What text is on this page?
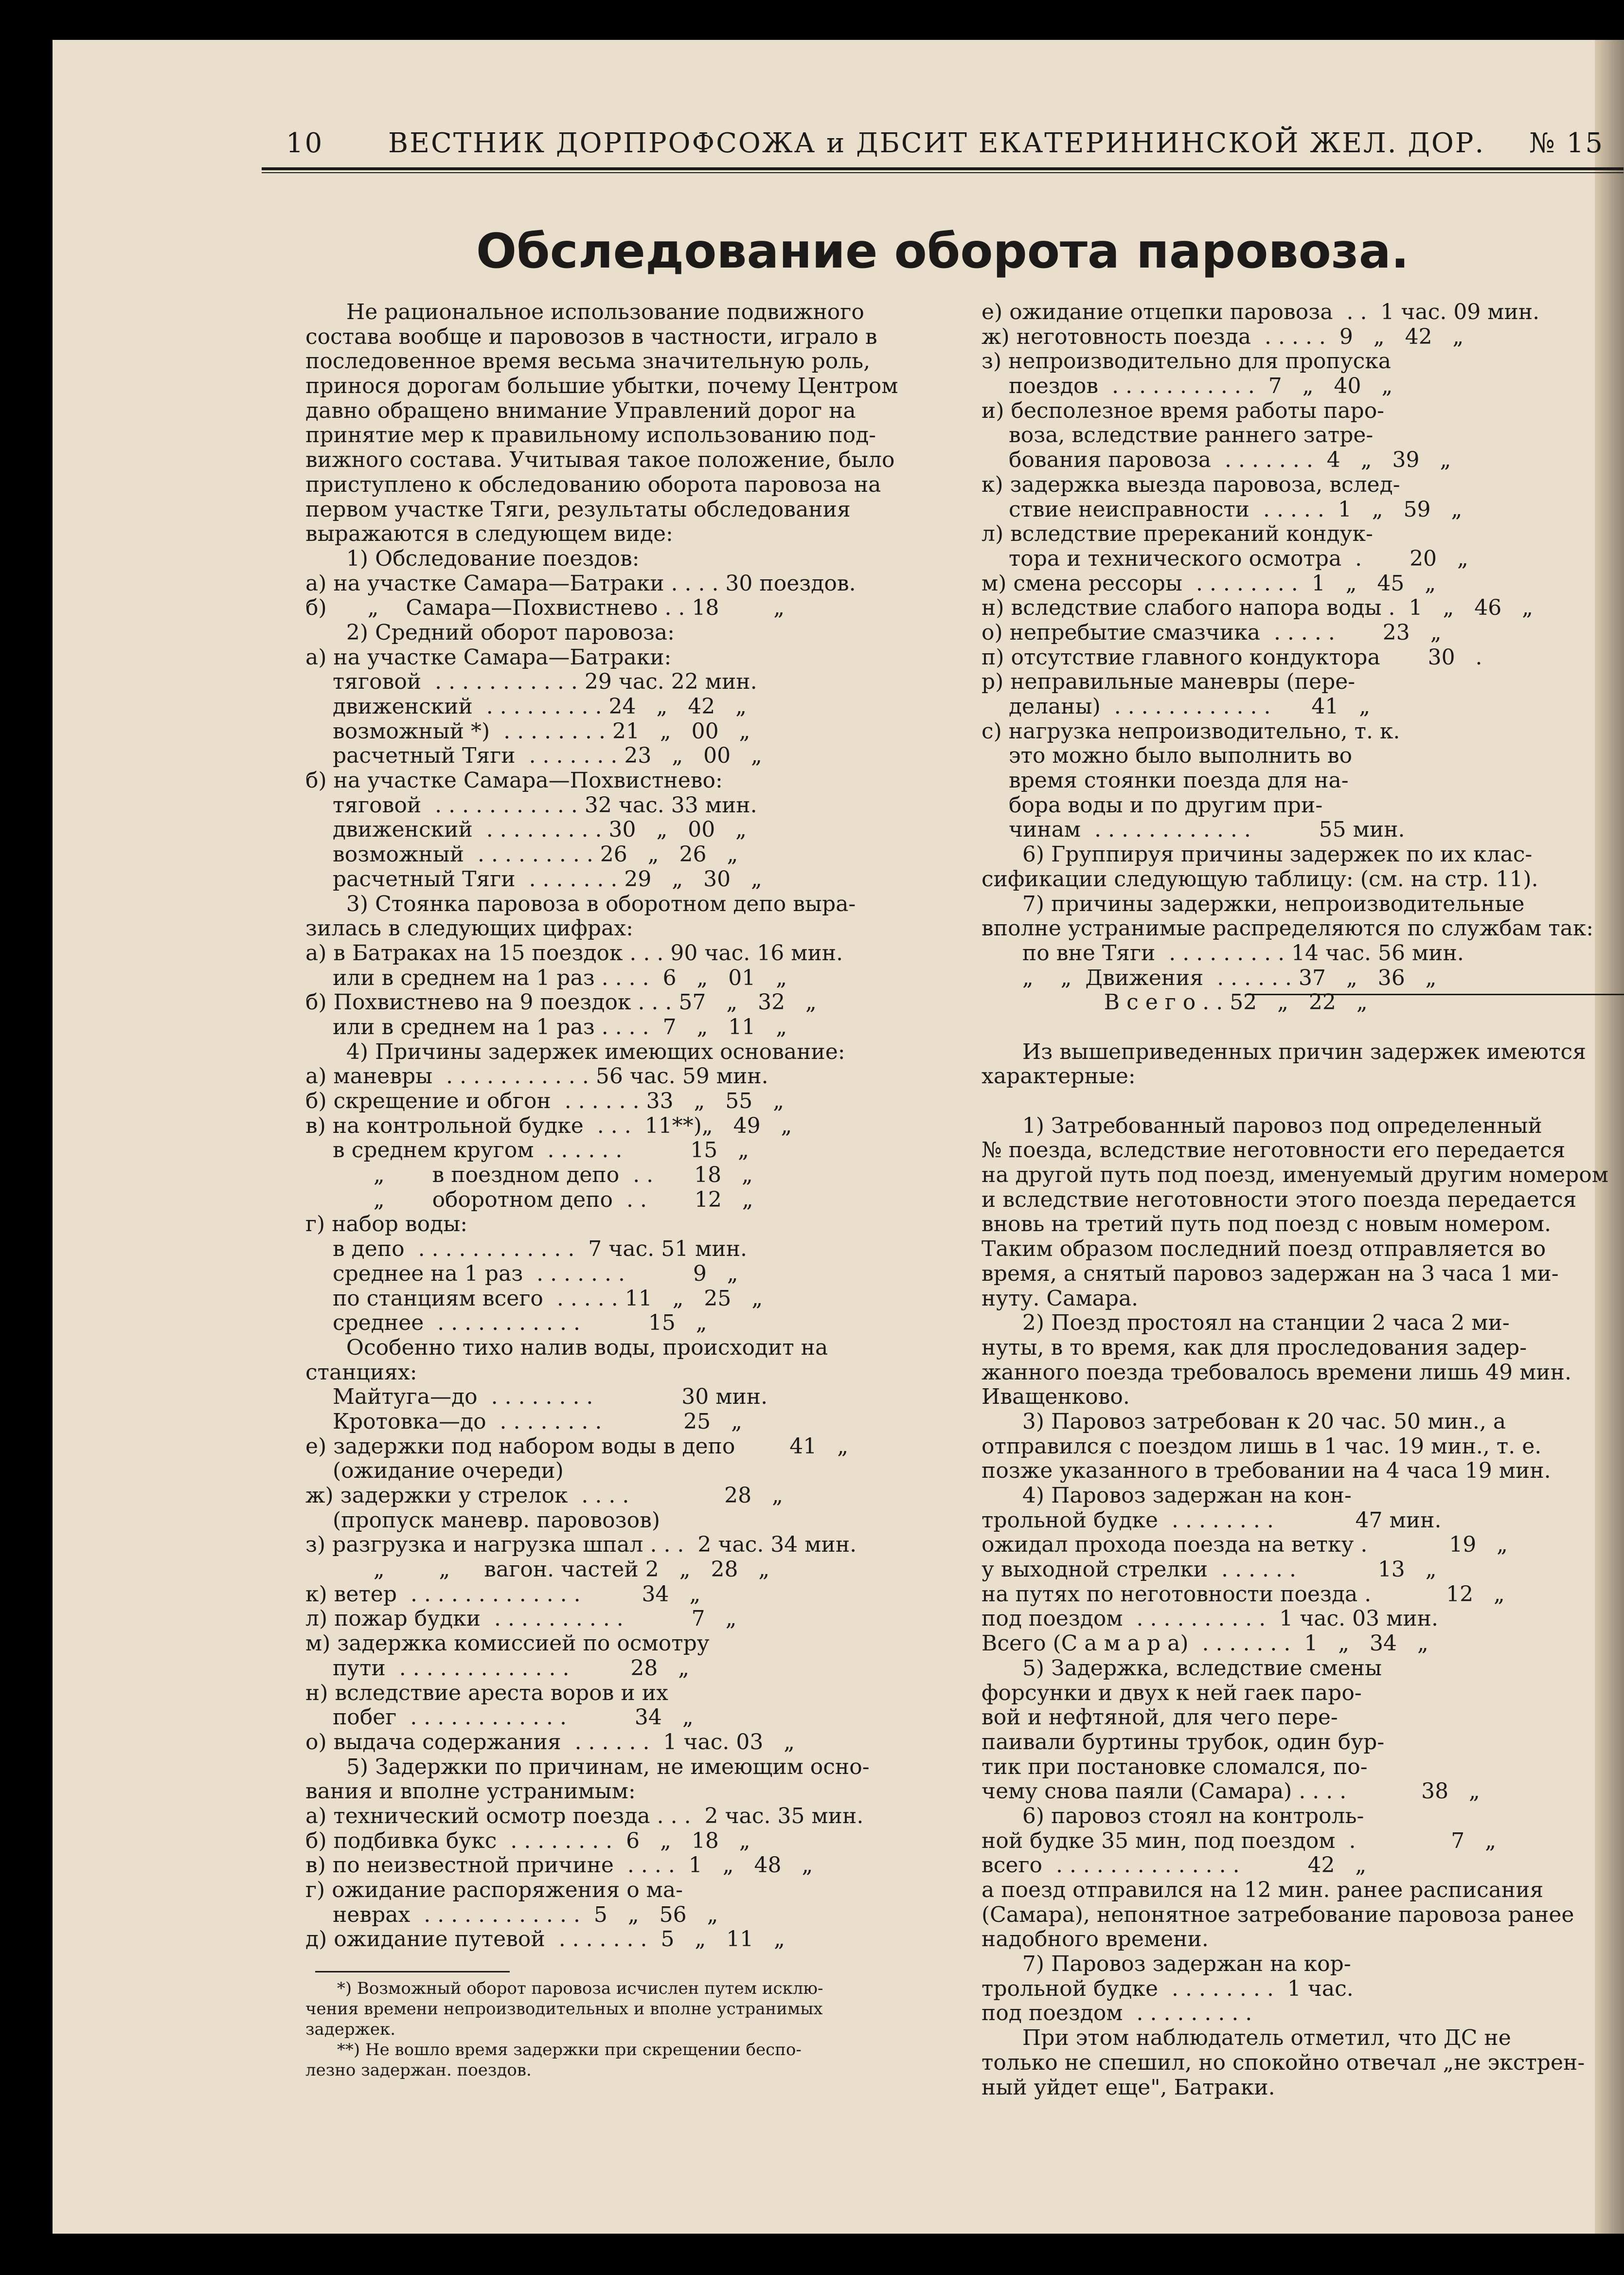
10 ВЕСТНИК ДОРПРОФСОЖА и ДБСИТ ЕКАТЕРИНИНСКОЙ ЖЕЛ. ДОР. № 15
Обследование оборота паровоза.
Не рациональное использование подвижного
состава вообще и паровозов в частности, играло в
последовенное время весьма значительную роль,
принося дорогам большие убытки, почему Центром
давно обращено внимание Управлений дорог на
принятие мер к правильному использованию под-
вижного состава. Учитывая такое положение, было
приступлено к обследованию оборота паровоза на
первом участке Тяги, результаты обследования
выражаются в следующем виде:
1) Обследование поездов:
а) на участке Самара—Батраки . . . . 30 поездов.
б)      „    Самара—Похвистнево . . 18        „
2) Средний оборот паровоза:
а) на участке Самара—Батраки:
тяговой  . . . . . . . . . . . 29 час. 22 мин.
движенский  . . . . . . . . . 24   „   42   „
возможный *)  . . . . . . . . 21   „   00   „
расчетный Тяги  . . . . . . . 23   „   00   „
б) на участке Самара—Похвистнево:
тяговой  . . . . . . . . . . . 32 час. 33 мин.
движенский  . . . . . . . . . 30   „   00   „
возможный  . . . . . . . . . 26   „   26   „
расчетный Тяги  . . . . . . . 29   „   30   „
3) Стоянка паровоза в оборотном депо выра-
зилась в следующих цифрах:
а) в Батраках на 15 поездок . . . 90 час. 16 мин.
или в среднем на 1 раз . . . .  6   „   01   „
б) Похвистнево на 9 поездок . . . 57   „   32   „
или в среднем на 1 раз . . . .  7   „   11   „
4) Причины задержек имеющих основание:
а) маневры  . . . . . . . . . . . 56 час. 59 мин.
б) скрещение и обгон  . . . . . . 33   „   55   „
в) на контрольной будке  . . .  11**)„   49   „
в среднем кругом  . . . . . .          15   „
„       в поездном депо  . .      18   „
„       оборотном депо  . .       12   „
г) набор воды:
в депо  . . . . . . . . . . . .  7 час. 51 мин.
среднее на 1 раз  . . . . . . .          9   „
по станциям всего  . . . . . 11   „   25   „
среднее  . . . . . . . . . . .          15   „
Особенно тихо налив воды, происходит на
станциях:
Майтуга—до  . . . . . . . .             30 мин.
Кротовка—до  . . . . . . . .            25   „
е) задержки под набором воды в депо        41   „
(ожидание очереди)
ж) задержки у стрелок  . . . .              28   „
(пропуск маневр. паровозов)
з) разгрузка и нагрузка шпал . . .  2 час. 34 мин.
„        „     вагон. частей 2   „   28   „
к) ветер  . . . . . . . . . . . . .         34   „
л) пожар будки  . . . . . . . . . .          7   „
м) задержка комиссией по осмотру
пути  . . . . . . . . . . . . .         28   „
н) вследствие ареста воров и их
побег  . . . . . . . . . . . .          34   „
о) выдача содержания  . . . . . .  1 час. 03   „
5) Задержки по причинам, не имеющим осно-
вания и вполне устранимым:
а) технический осмотр поезда . . .  2 час. 35 мин.
б) подбивка букс  . . . . . . . .  6   „   18   „
в) по неизвестной причине  . . . .  1   „   48   „
г) ожидание распоряжения о ма-
неврах  . . . . . . . . . . . .  5   „   56   „
д) ожидание путевой  . . . . . . .  5   „   11   „
е) ожидание отцепки паровоза  . .  1 час. 09 мин.
ж) неготовность поезда  . . . . .  9   „   42   „
з) непроизводительно для пропуска
поездов  . . . . . . . . . . .  7   „   40   „
и) бесполезное время работы паро-
воза, вследствие раннего затре-
бования паровоза  . . . . . . .  4   „   39   „
к) задержка выезда паровоза, вслед-
ствие неисправности  . . . . .  1   „   59   „
л) вследствие пререканий кондук-
тора и технического осмотра  .       20   „
м) смена рессоры  . . . . . . . .  1   „   45   „
н) вследствие слабого напора воды .  1   „   46   „
о) непребытие смазчика  . . . . .       23   „
п) отсутствие главного кондуктора       30   .
р) неправильные маневры (пере-
деланы)  . . . . . . . . . . . .      41   „
с) нагрузка непроизводительно, т. к.
это можно было выполнить во
время стоянки поезда для на-
бора воды и по другим при-
чинам  . . . . . . . . . . . .          55 мин.
6) Группируя причины задержек по их клас-
сификации следующую таблицу: (см. на стр. 11).
7) причины задержки, непроизводительные
вполне устранимые распределяются по службам так:
по вне Тяги  . . . . . . . . . 14 час. 56 мин.
„    „  Движения  . . . . . . 37   „   36   „
В с е г о . . 52   „   22   „
Из вышеприведенных причин задержек имеются
характерные:
1) Затребованный паровоз под определенный
№ поезда, вследствие неготовности его передается
на другой путь под поезд, именуемый другим номером
и вследствие неготовности этого поезда передается
вновь на третий путь под поезд с новым номером.
Таким образом последний поезд отправляется во
время, а снятый паровоз задержан на 3 часа 1 ми-
нуту. Самара.
2) Поезд простоял на станции 2 часа 2 ми-
нуты, в то время, как для проследования задер-
жанного поезда требовалось времени лишь 49 мин.
Иващенково.
3) Паровоз затребован к 20 час. 50 мин., а
отправился с поездом лишь в 1 час. 19 мин., т. е.
позже указанного в требовании на 4 часа 19 мин.
4) Паровоз задержан на кон-
трольной будке  . . . . . . . .            47 мин.
ожидал прохода поезда на ветку .            19   „
у выходной стрелки  . . . . . .            13   „
на путях по неготовности поезда .           12   „
под поездом  . . . . . . . . . .  1 час. 03 мин.
Всего (С а м а р а)  . . . . . . .  1   „   34   „
5) Задержка, вследствие смены
форсунки и двух к ней гаек паро-
вой и нефтяной, для чего пере-
паивали буртины трубок, один бур-
тик при постановке сломался, по-
чему снова паяли (Самара) . . . .           38   „
6) паровоз стоял на контроль-
ной будке 35 мин, под поездом  .              7   „
всего  . . . . . . . . . . . . . .          42   „
а поезд отправился на 12 мин. ранее расписания
(Самара), непонятное затребование паровоза ранее
надобного времени.
7) Паровоз задержан на кор-
трольной будке  . . . . . . . .  1 час.
под поездом  . . . . . . . . .
При этом наблюдатель отметил, что ДС не
только не спешил, но спокойно отвечал „не экстрен-
ный уйдет еще", Батраки.
*) Возможный оборот паровоза исчислен путем исклю-
чения времени непроизводительных и вполне устранимых
задержек.
**) Не вошло время задержки при скрещении беспо-
лезно задержан. поездов.
